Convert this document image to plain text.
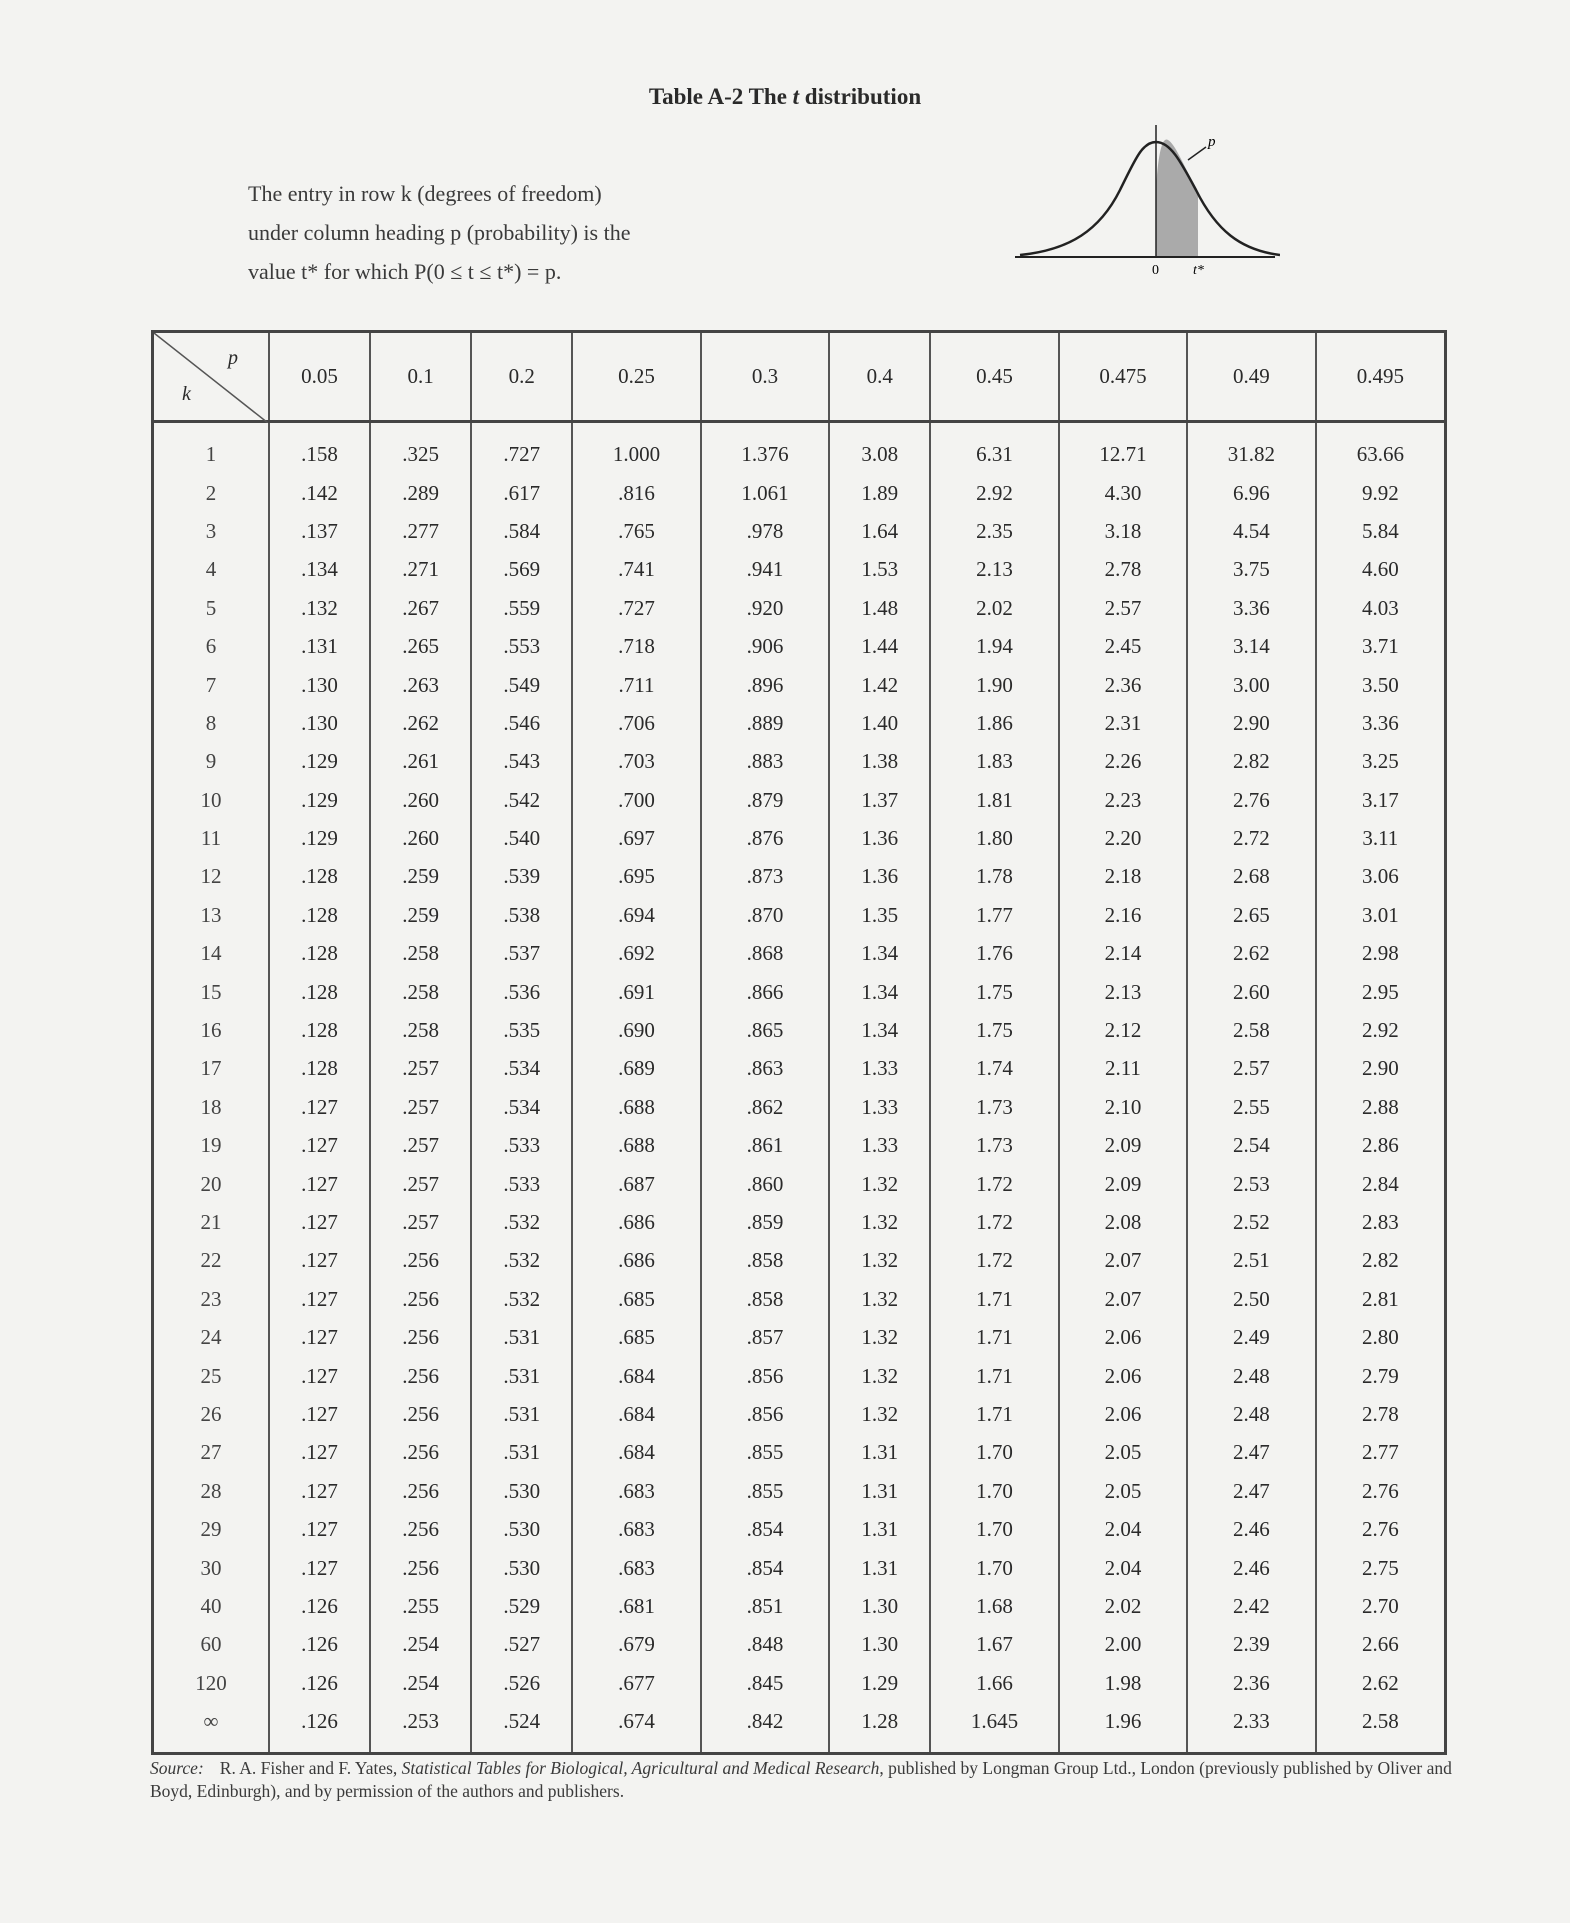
Table A-2 The t distribution
The entry in row k (degrees of freedom)
under column heading p (probability) is the
value t* for which P(0 ≤ t ≤ t*) = p.
p
0 t*
p
k	0.05	0.1	0.2	0.25	0.3	0.4	0.45	0.475	0.49	0.495
1	.158	.325	.727	1.000	1.376	3.08	6.31	12.71	31.82	63.66
2	.142	.289	.617	.816	1.061	1.89	2.92	4.30	6.96	9.92
3	.137	.277	.584	.765	.978	1.64	2.35	3.18	4.54	5.84
4	.134	.271	.569	.741	.941	1.53	2.13	2.78	3.75	4.60
5	.132	.267	.559	.727	.920	1.48	2.02	2.57	3.36	4.03
6	.131	.265	.553	.718	.906	1.44	1.94	2.45	3.14	3.71
7	.130	.263	.549	.711	.896	1.42	1.90	2.36	3.00	3.50
8	.130	.262	.546	.706	.889	1.40	1.86	2.31	2.90	3.36
9	.129	.261	.543	.703	.883	1.38	1.83	2.26	2.82	3.25
10	.129	.260	.542	.700	.879	1.37	1.81	2.23	2.76	3.17
11	.129	.260	.540	.697	.876	1.36	1.80	2.20	2.72	3.11
12	.128	.259	.539	.695	.873	1.36	1.78	2.18	2.68	3.06
13	.128	.259	.538	.694	.870	1.35	1.77	2.16	2.65	3.01
14	.128	.258	.537	.692	.868	1.34	1.76	2.14	2.62	2.98
15	.128	.258	.536	.691	.866	1.34	1.75	2.13	2.60	2.95
16	.128	.258	.535	.690	.865	1.34	1.75	2.12	2.58	2.92
17	.128	.257	.534	.689	.863	1.33	1.74	2.11	2.57	2.90
18	.127	.257	.534	.688	.862	1.33	1.73	2.10	2.55	2.88
19	.127	.257	.533	.688	.861	1.33	1.73	2.09	2.54	2.86
20	.127	.257	.533	.687	.860	1.32	1.72	2.09	2.53	2.84
21	.127	.257	.532	.686	.859	1.32	1.72	2.08	2.52	2.83
22	.127	.256	.532	.686	.858	1.32	1.72	2.07	2.51	2.82
23	.127	.256	.532	.685	.858	1.32	1.71	2.07	2.50	2.81
24	.127	.256	.531	.685	.857	1.32	1.71	2.06	2.49	2.80
25	.127	.256	.531	.684	.856	1.32	1.71	2.06	2.48	2.79
26	.127	.256	.531	.684	.856	1.32	1.71	2.06	2.48	2.78
27	.127	.256	.531	.684	.855	1.31	1.70	2.05	2.47	2.77
28	.127	.256	.530	.683	.855	1.31	1.70	2.05	2.47	2.76
29	.127	.256	.530	.683	.854	1.31	1.70	2.04	2.46	2.76
30	.127	.256	.530	.683	.854	1.31	1.70	2.04	2.46	2.75
40	.126	.255	.529	.681	.851	1.30	1.68	2.02	2.42	2.70
60	.126	.254	.527	.679	.848	1.30	1.67	2.00	2.39	2.66
120	.126	.254	.526	.677	.845	1.29	1.66	1.98	2.36	2.62
∞	.126	.253	.524	.674	.842	1.28	1.645	1.96	2.33	2.58
Source: R. A. Fisher and F. Yates, Statistical Tables for Biological, Agricultural and Medical Research, published by Longman Group Ltd., London (previously published by Oliver and Boyd, Edinburgh), and by permission of the authors and publishers.
